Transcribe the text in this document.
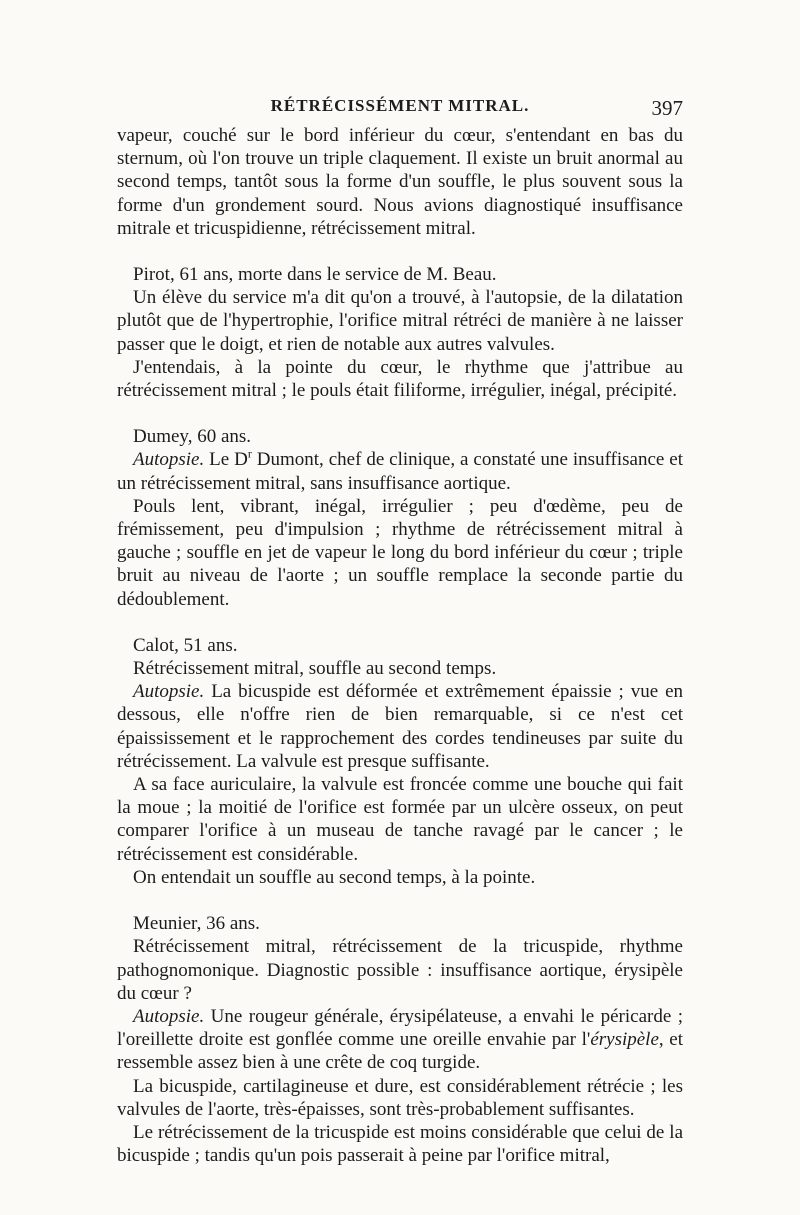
RÉTRÉCISSÉMENT MITRAL.	397

vapeur, couché sur le bord inférieur du cœur, s'entendant en bas du sternum, où l'on trouve un triple claquement. Il existe un bruit anormal au second temps, tantôt sous la forme d'un souffle, le plus souvent sous la forme d'un grondement sourd. Nous avions diagnostiqué insuffisance mitrale et tricuspidienne, rétrécissement mitral.

Pirot, 61 ans, morte dans le service de M. Beau.

Un élève du service m'a dit qu'on a trouvé, à l'autopsie, de la dilatation plutôt que de l'hypertrophie, l'orifice mitral rétréci de manière à ne laisser passer que le doigt, et rien de notable aux autres valvules.

J'entendais, à la pointe du cœur, le rhythme que j'attribue au rétrécissement mitral ; le pouls était filiforme, irrégulier, inégal, précipité.

Dumey, 60 ans.

Autopsie. Le $D^r$ Dumont, chef de clinique, a constaté une insuffisance et un rétrécissement mitral, sans insuffisance aortique.

Pouls lent, vibrant, inégal, irrégulier ; peu d'œdème, peu de frémissement, peu d'impulsion ; rhythme de rétrécissement mitral à gauche ; souffle en jet de vapeur le long du bord inférieur du cœur ; triple bruit au niveau de l'aorte ; un souffle remplace la seconde partie du dédoublement.

Calot, 51 ans.

Rétrécissement mitral, souffle au second temps.

Autopsie. La bicuspide est déformée et extrêmement épaissie ; vue en dessous, elle n'offre rien de bien remarquable, si ce n'est cet épaississement et le rapprochement des cordes tendineuses par suite du rétrécissement. La valvule est presque suffisante.

A sa face auriculaire, la valvule est froncée comme une bouche qui fait la moue ; la moitié de l'orifice est formée par un ulcère osseux, on peut comparer l'orifice à un museau de tanche ravagé par le cancer ; le rétrécissement est considérable.

On entendait un souffle au second temps, à la pointe.

Meunier, 36 ans.

Rétrécissement mitral, rétrécissement de la tricuspide, rhythme pathognomonique. Diagnostic possible : insuffisance aortique, érysipèle du cœur ?

Autopsie. Une rougeur générale, érysipélateuse, a envahi le péricarde ; l'oreillette droite est gonflée comme une oreille envahie par l'érysipèle, et ressemble assez bien à une crête de coq turgide.

La bicuspide, cartilagineuse et dure, est considérablement rétrécie ; les valvules de l'aorte, très-épaisses, sont très-probablement suffisantes.

Le rétrécissement de la tricuspide est moins considérable que celui de la bicuspide ; tandis qu'un pois passerait à peine par l'orifice mitral,
